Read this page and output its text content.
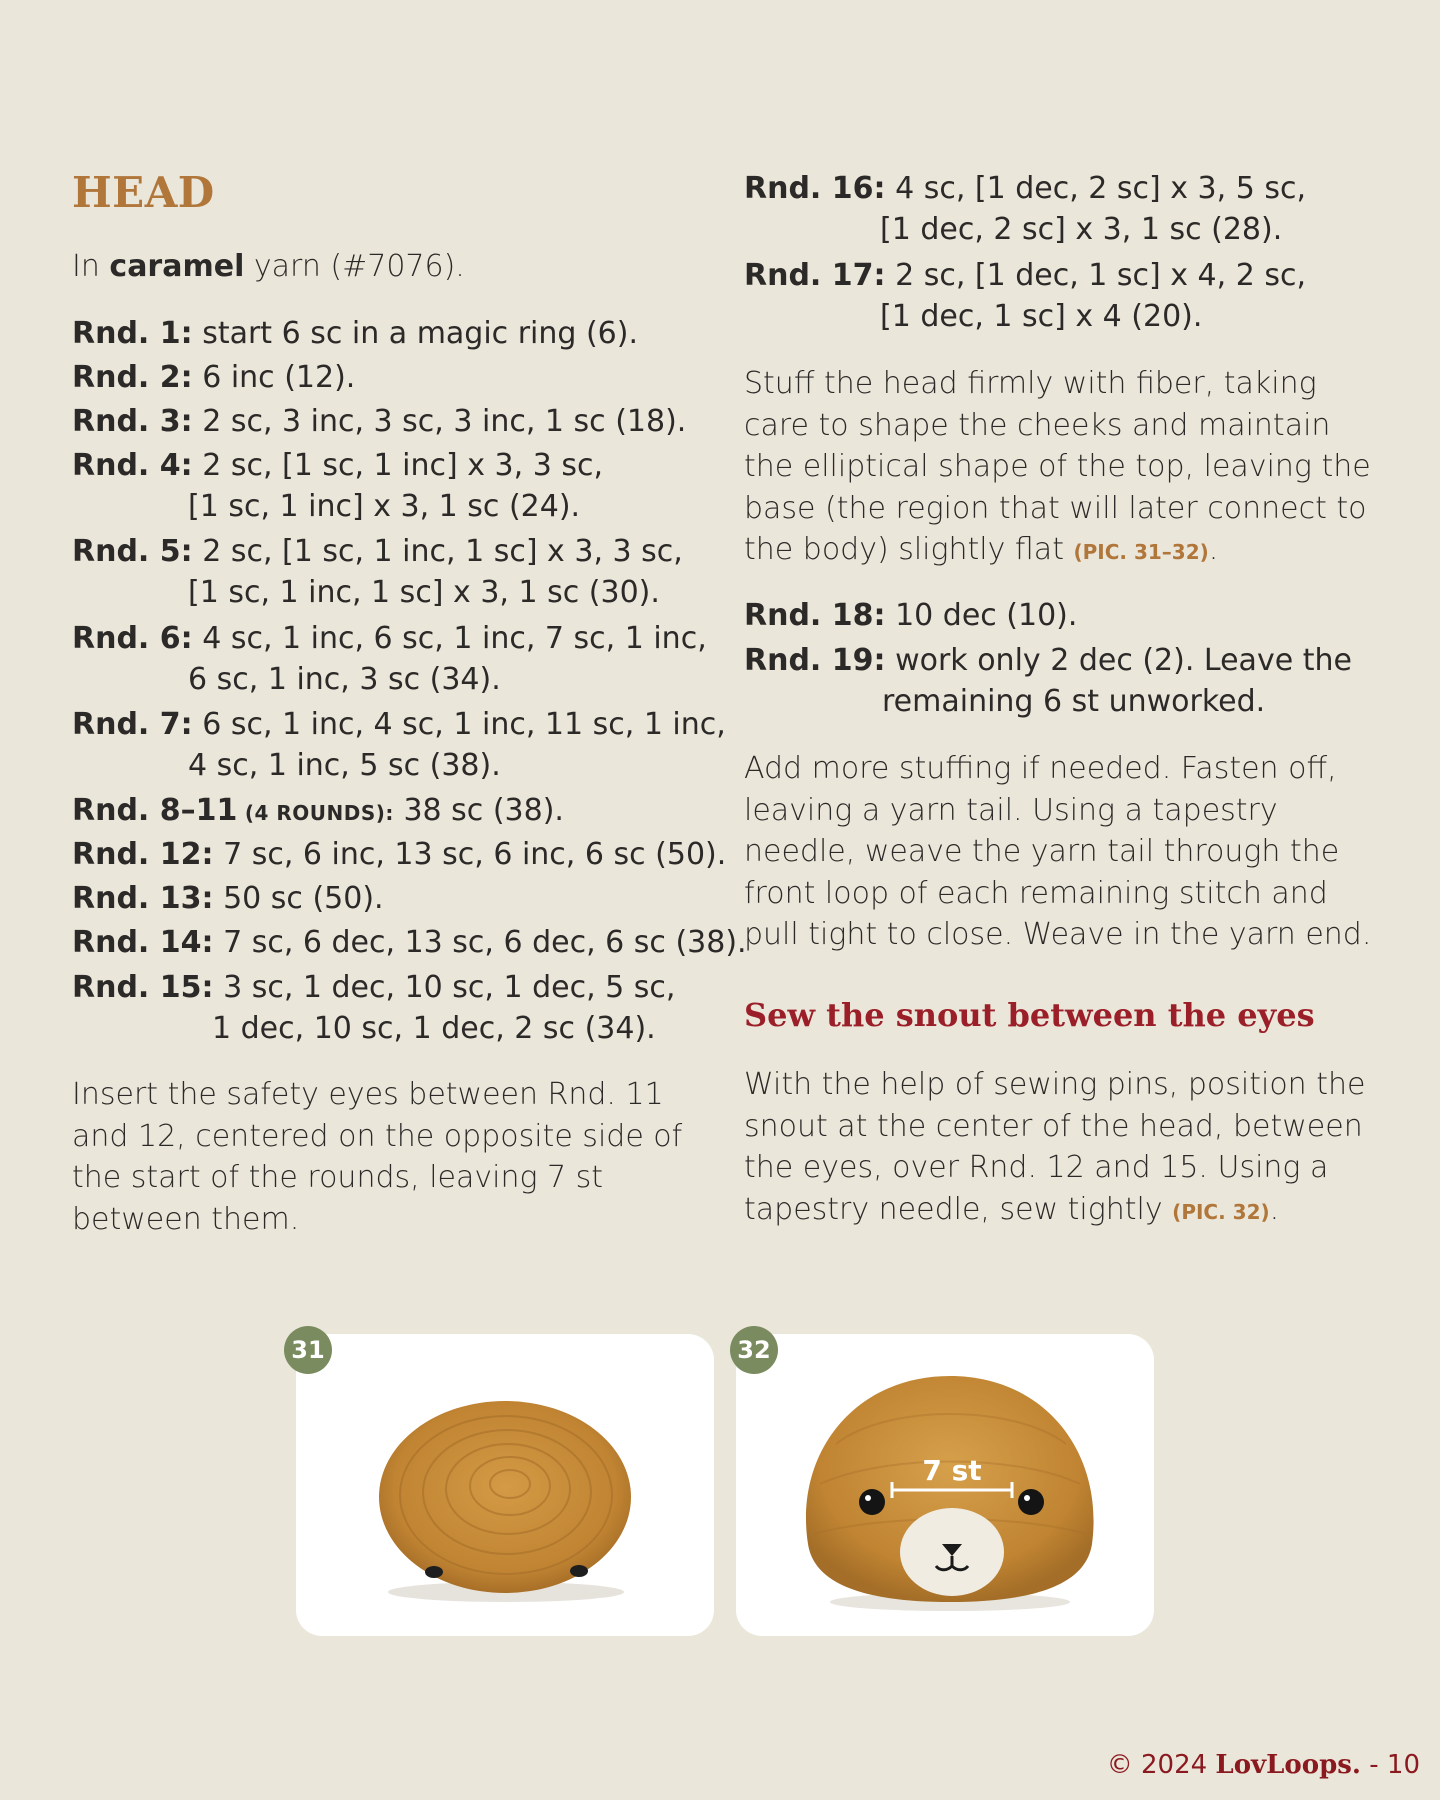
HEAD
In caramel yarn (#7076).
Rnd. 1: start 6 sc in a magic ring (6).
Rnd. 2: 6 inc (12).
Rnd. 3: 2 sc, 3 inc, 3 sc, 3 inc, 1 sc (18).
Rnd. 4: 2 sc, [1 sc, 1 inc] x 3, 3 sc,
[1 sc, 1 inc] x 3, 1 sc (24).
Rnd. 5: 2 sc, [1 sc, 1 inc, 1 sc] x 3, 3 sc,
[1 sc, 1 inc, 1 sc] x 3, 1 sc (30).
Rnd. 6: 4 sc, 1 inc, 6 sc, 1 inc, 7 sc, 1 inc,
6 sc, 1 inc, 3 sc (34).
Rnd. 7: 6 sc, 1 inc, 4 sc, 1 inc, 11 sc, 1 inc,
4 sc, 1 inc, 5 sc (38).
Rnd. 8–11 (4 ROUNDS): 38 sc (38).
Rnd. 12: 7 sc, 6 inc, 13 sc, 6 inc, 6 sc (50).
Rnd. 13: 50 sc (50).
Rnd. 14: 7 sc, 6 dec, 13 sc, 6 dec, 6 sc (38).
Rnd. 15: 3 sc, 1 dec, 10 sc, 1 dec, 5 sc,
1 dec, 10 sc, 1 dec, 2 sc (34).
Insert the safety eyes between Rnd. 11 and 12, centered on the opposite side of the start of the rounds, leaving 7 st between them.
Rnd. 16: 4 sc, [1 dec, 2 sc] x 3, 5 sc,
[1 dec, 2 sc] x 3, 1 sc (28).
Rnd. 17: 2 sc, [1 dec, 1 sc] x 4, 2 sc,
[1 dec, 1 sc] x 4 (20).
Stuff the head firmly with fiber, taking care to shape the cheeks and maintain the elliptical shape of the top, leaving the base (the region that will later connect to the body) slightly flat (PIC. 31–32).
Rnd. 18: 10 dec (10).
Rnd. 19: work only 2 dec (2). Leave the
remaining 6 st unworked.
Add more stuffing if needed. Fasten off, leaving a yarn tail. Using a tapestry needle, weave the yarn tail through the front loop of each remaining stitch and pull tight to close. Weave in the yarn end.
Sew the snout between the eyes
With the help of sewing pins, position the snout at the center of the head, between the eyes, over Rnd. 12 and 15. Using a tapestry needle, sew tightly (PIC. 32).
31
7 st
32
© 2024 LovLoops. - 10
